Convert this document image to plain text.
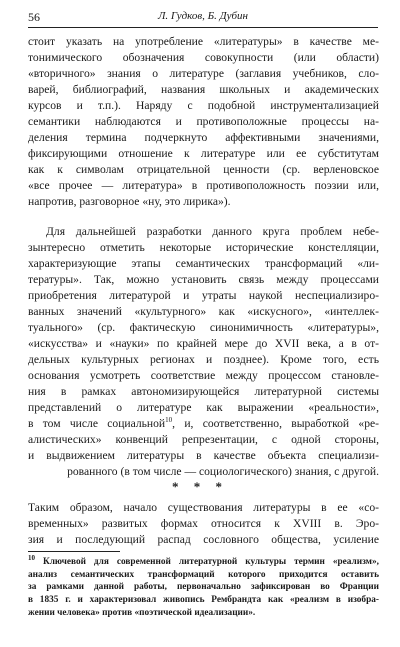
56	Л. Гудков, Б. Дубин

стоит указать на употребление «литературы» в качестве ме-

тонимического обозначения совокупности (или области)

«вторичного» знания о литературе (заглавия учебников, сло-

варей, библиографий, названия школьных и академических

курсов и т.п.). Наряду с подобной инструментализацией

семантики наблюдаются и противоположные процессы на-

деления термина подчеркнуто аффективными значениями,

фиксирующими отношение к литературе или ее субститутам

как к символам отрицательной ценности (ср. верленовское

«все прочее — литература» в противоположность поэзии или,

напротив, разговорное «ну, это лирика»).

Для дальнейшей разработки данного круга проблем небе-

зынтересно отметить некоторые исторические констелляции,

характеризующие этапы семантических трансформаций «ли-

тературы». Так, можно установить связь между процессами

приобретения литературой и утраты наукой неспециализиро-

ванных значений «культурного» как «искусного», «интеллек-

туального» (ср. фактическую синонимичность «литературы»,

«искусства» и «науки» по крайней мере до XVII века, а в от-

дельных культурных регионах и позднее). Кроме того, есть

основания усмотреть соответствие между процессом становле-

ния в рамках автономизирующейся литературной системы

представлений о литературе как выражении «реальности»,

в том числе социальной$^{10}$, и, соответственно, выработкой «ре-

алистических» конвенций репрезентации, с одной стороны,

и выдвижением литературы в качестве объекта специализи-

рованного (в том числе — социологического) знания, с другой.

* * *

Таким образом, начало существования литературы в ее «со-

временных» развитых формах относится к XVIII в. Эро-

зия и последующий распад сословного общества, усиление

$^{10}$ Ключевой для современной литературной культуры термин «реализм»,

анализ семантических трансформаций которого приходится оставить

за рамками данной работы, первоначально зафиксирован во Франции

в 1835 г. и характеризовал живопись Рембрандта как «реализм в изобра-

жении человека» против «поэтической идеализации».
